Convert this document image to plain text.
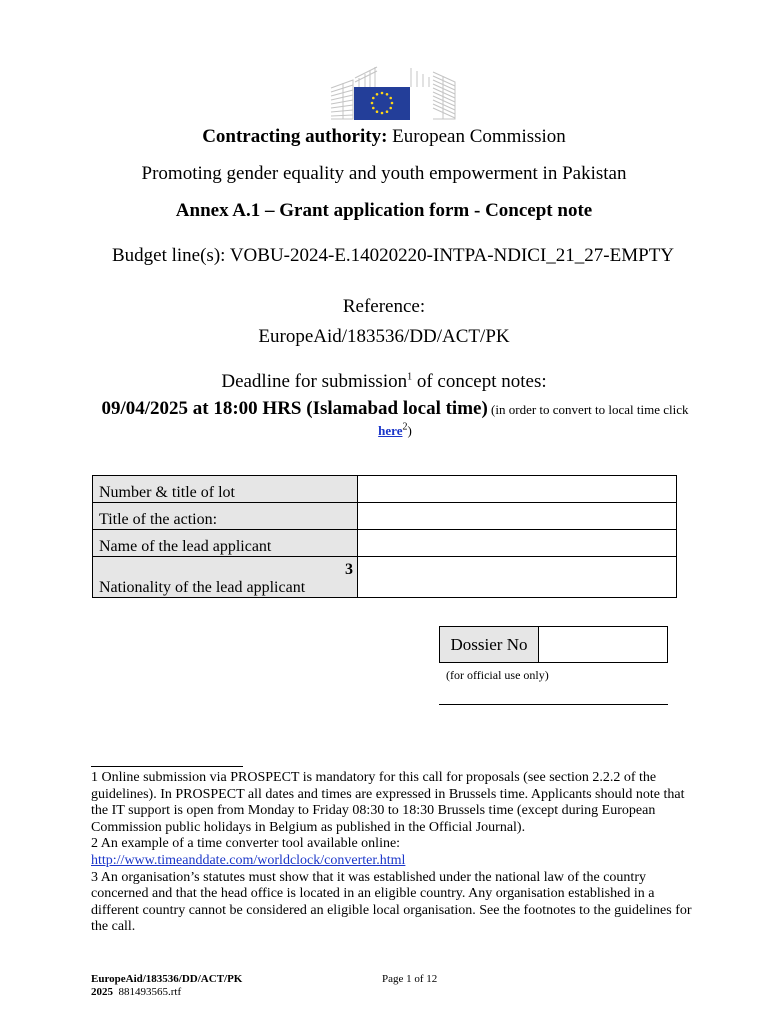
Contracting authority: European Commission
Promoting gender equality and youth empowerment in Pakistan
Annex A.1 – Grant application form - Concept note
Budget line(s): VOBU-2024-E.14020220-INTPA-NDICI_21_27-EMPTY
Reference:
EuropeAid/183536/DD/ACT/PK
Deadline for submission$^1$ of concept notes:
09/04/2025 at 18:00 HRS (Islamabad local time) (in order to convert to local time click here$^2$)
Number & title of lot	
Title of the action:	
Name of the lead applicant	
Nationality of the lead applicant
3	

Dossier No	
(for official use only)

1 Online submission via PROSPECT is mandatory for this call for proposals (see section 2.2.2 of the guidelines). In PROSPECT all dates and times are expressed in Brussels time. Applicants should note that the IT support is open from Monday to Friday 08:30 to 18:30 Brussels time (except during European Commission public holidays in Belgium as published in the Official Journal).

2 An example of a time converter tool available online:

http://www.timeanddate.com/worldclock/converter.html

3 An organisation’s statutes must show that it was established under the national law of the country concerned and that the head office is located in an eligible country. Any organisation established in a different country cannot be considered an eligible local organisation. See the footnotes to the guidelines for the call.

EuropeAid/183536/DD/ACT/PK
2025 881493565.rtf
Page 1 of 12
